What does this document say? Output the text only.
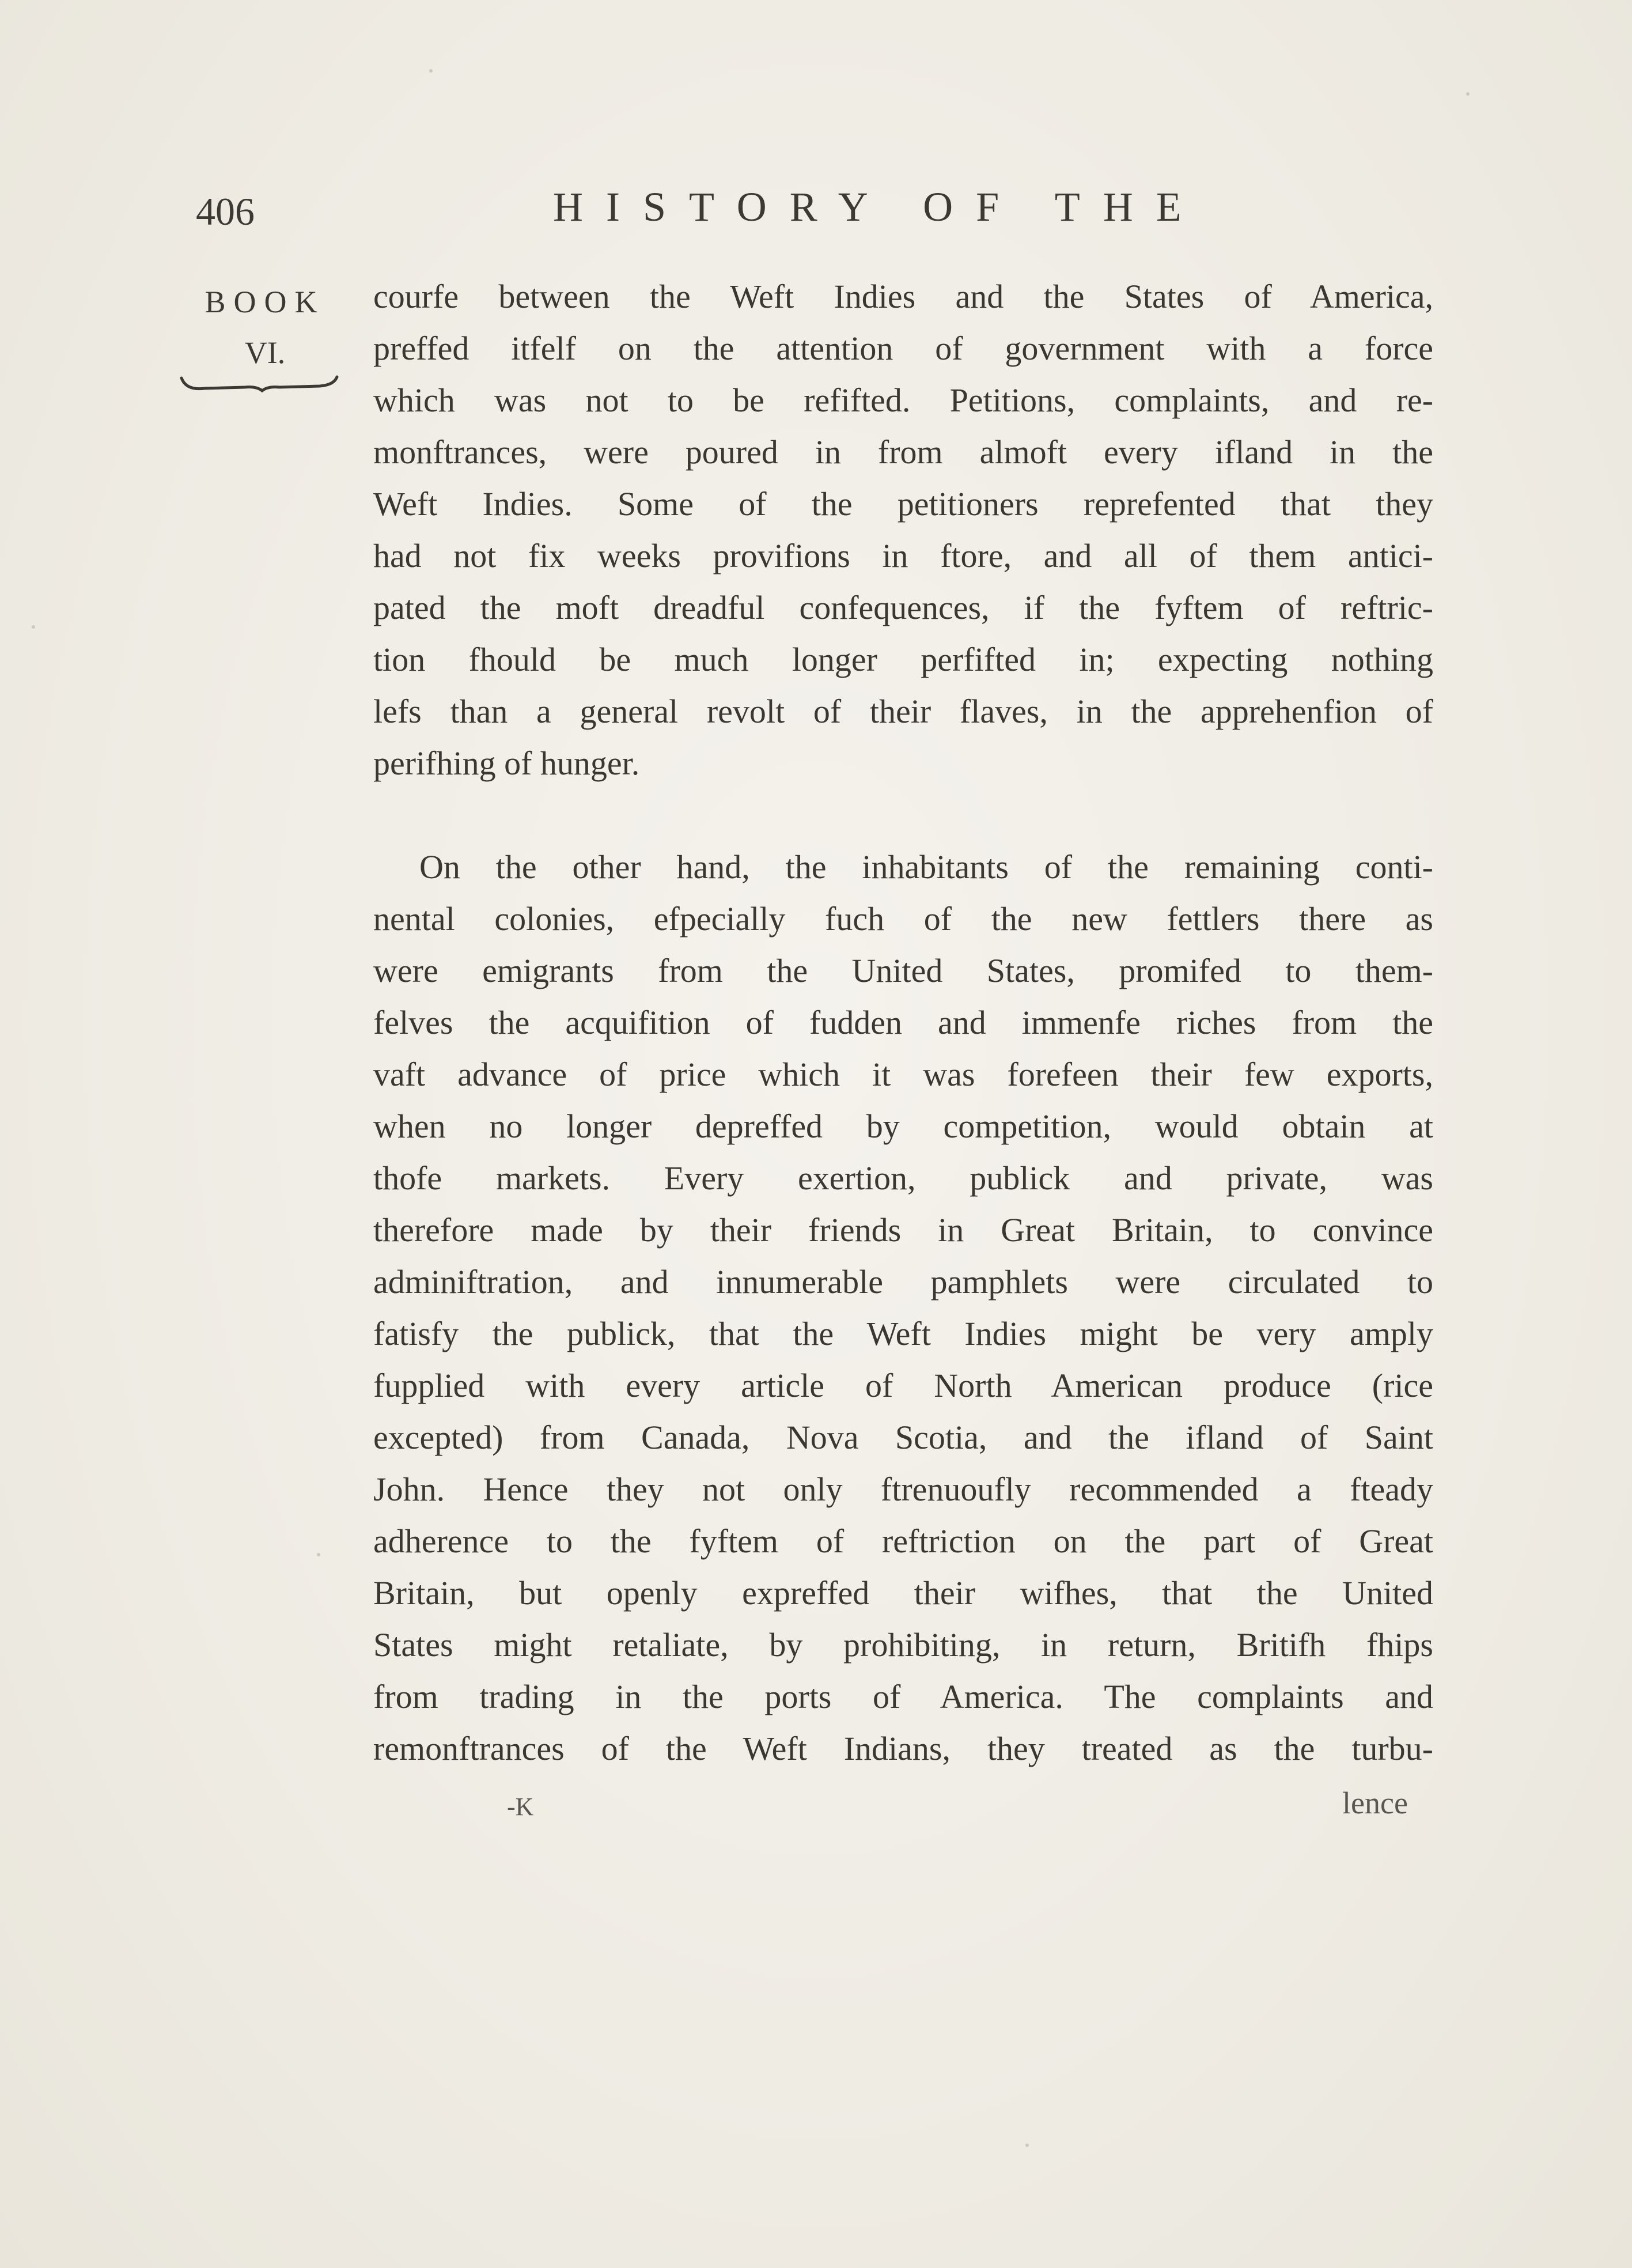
406	HISTORY OF THE
BOOK
VI.
courfe between the Weft Indies and the States of America,
preffed itfelf on the attention of government with a force
which was not to be refifted. Petitions, complaints, and re-
monftrances, were poured in from almoft every ifland in the
Weft Indies. Some of the petitioners reprefented that they
had not fix weeks provifions in ftore, and all of them antici-
pated the moft dreadful confequences, if the fyftem of reftric-
tion fhould be much longer perfifted in; expecting nothing
lefs than a general revolt of their flaves, in the apprehenfion of
perifhing of hunger.
On the other hand, the inhabitants of the remaining conti-
nental colonies, efpecially fuch of the new fettlers there as
were emigrants from the United States, promifed to them-
felves the acquifition of fudden and immenfe riches from the
vaft advance of price which it was forefeen their few exports,
when no longer depreffed by competition, would obtain at
thofe markets. Every exertion, publick and private, was
therefore made by their friends in Great Britain, to convince
adminiftration, and innumerable pamphlets were circulated to
fatisfy the publick, that the Weft Indies might be very amply
fupplied with every article of North American produce (rice
excepted) from Canada, Nova Scotia, and the ifland of Saint
John. Hence they not only ftrenuoufly recommended a fteady
adherence to the fyftem of reftriction on the part of Great
Britain, but openly expreffed their wifhes, that the United
States might retaliate, by prohibiting, in return, Britifh fhips
from trading in the ports of America. The complaints and
remonftrances of the Weft Indians, they treated as the turbu-
-K	lence
